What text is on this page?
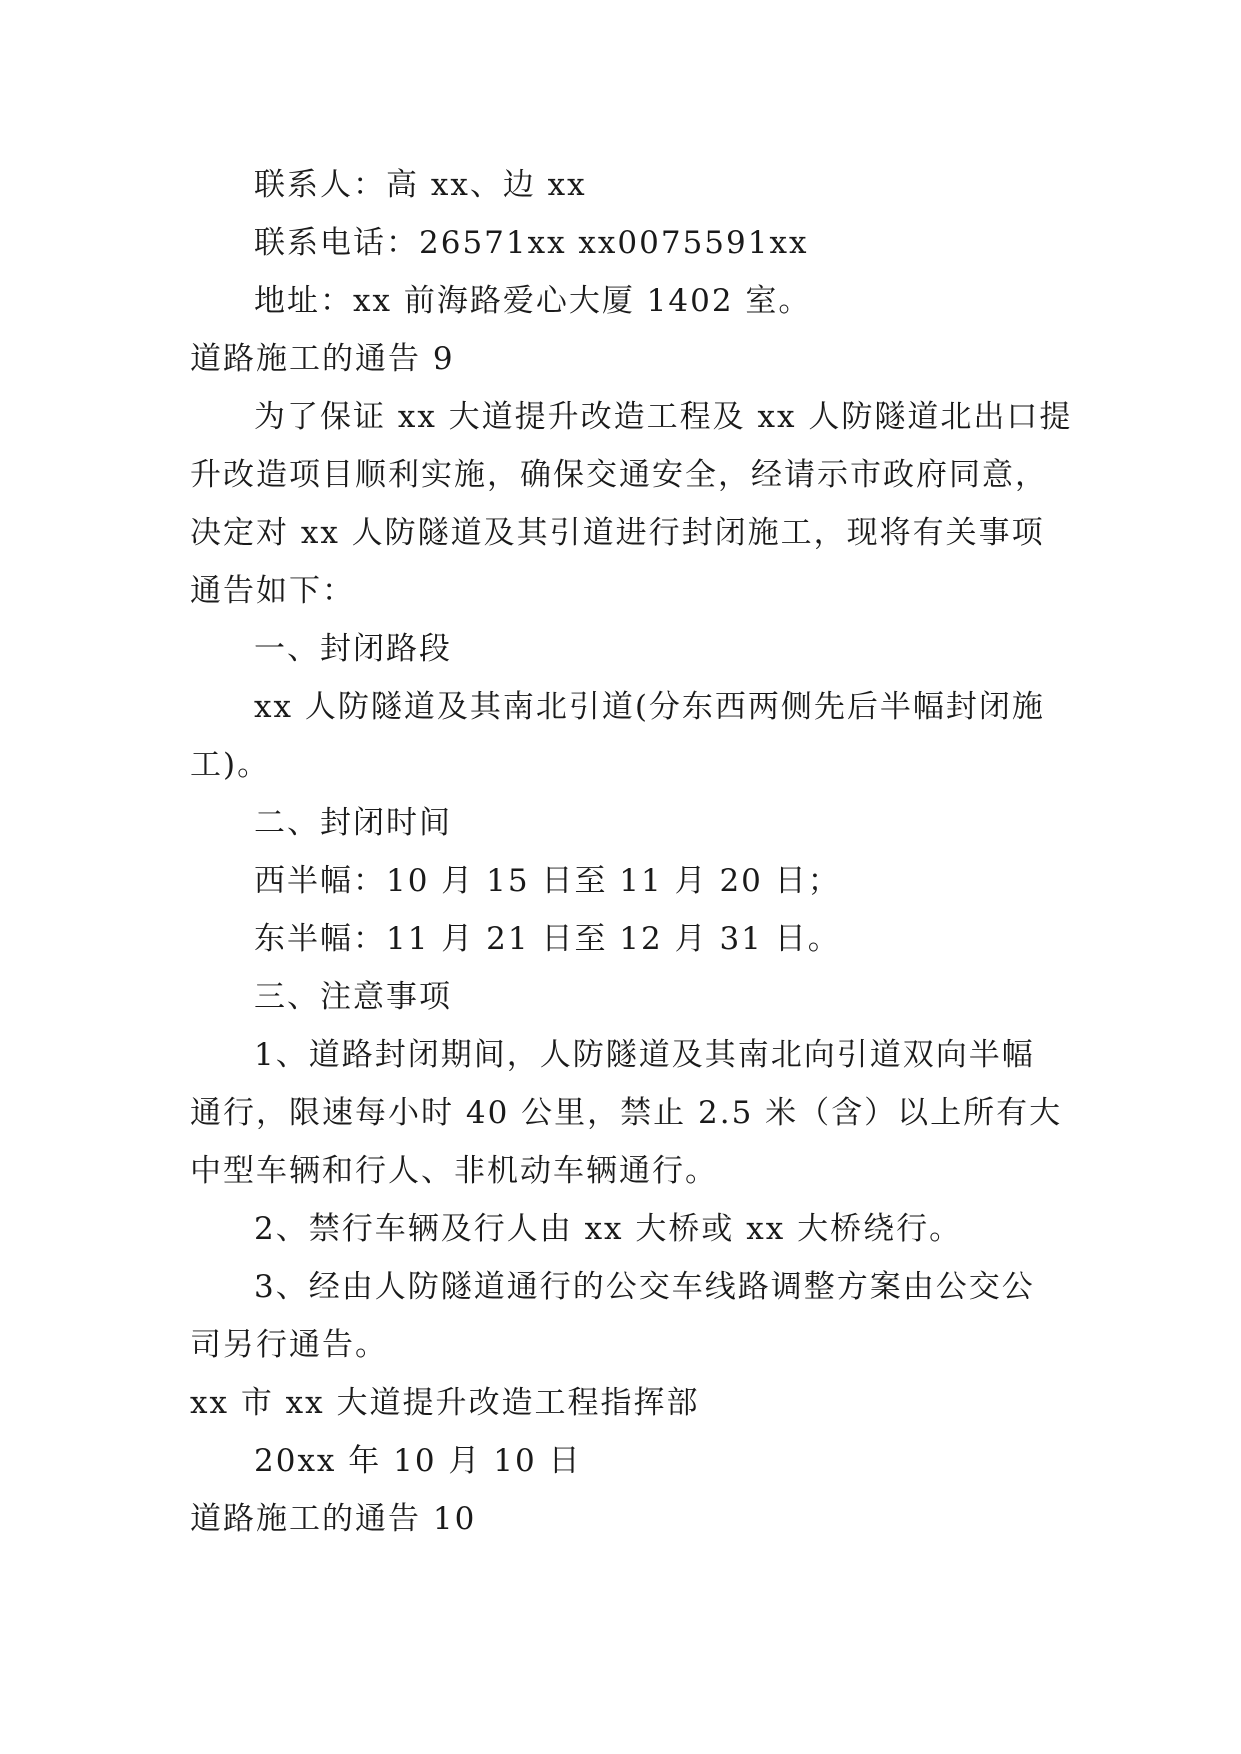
联系人：高 xx、边 xx
联系电话：26571xx xx0075591xx
地址：xx 前海路爱心大厦 1402 室。
道路施工的通告 9
为了保证 xx 大道提升改造工程及 xx 人防隧道北出口提
升改造项目顺利实施，确保交通安全，经请示市政府同意，
决定对 xx 人防隧道及其引道进行封闭施工，现将有关事项
通告如下：
一、封闭路段
xx 人防隧道及其南北引道(分东西两侧先后半幅封闭施
工)。
二、封闭时间
西半幅：10 月 15 日至 11 月 20 日；
东半幅：11 月 21 日至 12 月 31 日。
三、注意事项
1、道路封闭期间，人防隧道及其南北向引道双向半幅
通行，限速每小时 40 公里，禁止 2.5 米（含）以上所有大
中型车辆和行人、非机动车辆通行。
2、禁行车辆及行人由 xx 大桥或 xx 大桥绕行。
3、经由人防隧道通行的公交车线路调整方案由公交公
司另行通告。
xx 市 xx 大道提升改造工程指挥部
20xx 年 10 月 10 日
道路施工的通告 10
